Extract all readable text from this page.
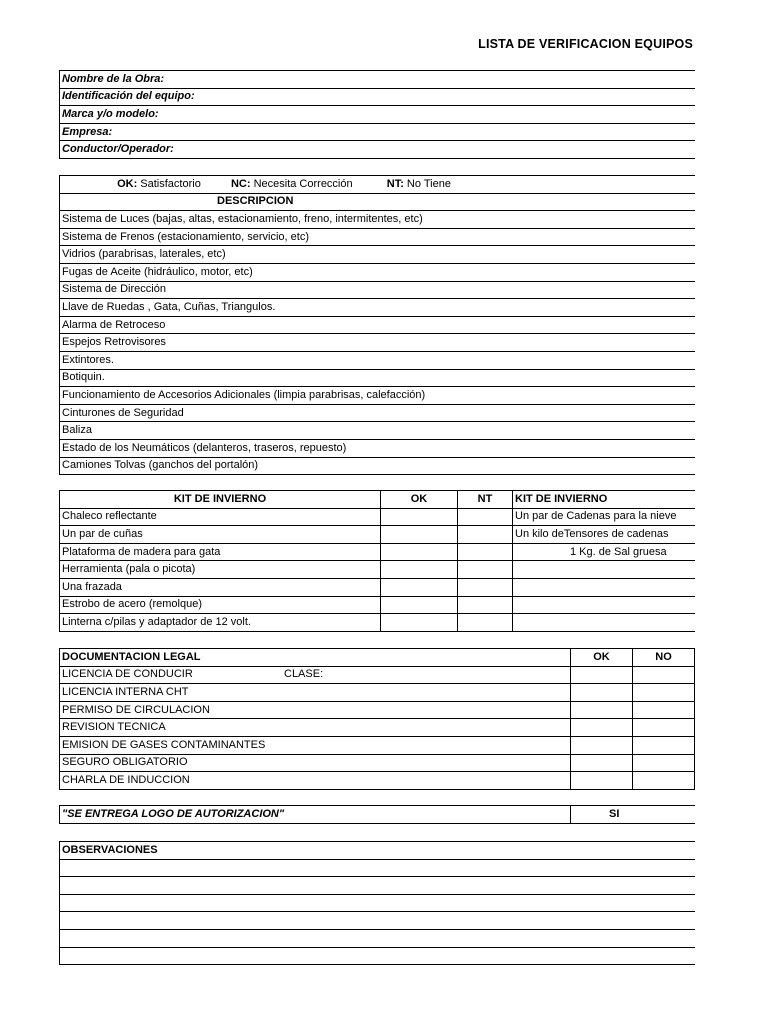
LISTA DE VERIFICACION EQUIPOS
Nombre de la Obra:
Identificación del equipo:
Marca y/o modelo:
Empresa:
Conductor/Operador:
OK: Satisfactorio	NC: Necesita Corrección	NT: No Tiene
DESCRIPCION
Sistema de Luces (bajas, altas, estacionamiento, freno, intermitentes, etc)
Sistema de Frenos (estacionamiento, servicio, etc)
Vidrios (parabrisas, laterales, etc)
Fugas de Aceite (hidráulico, motor, etc)
Sistema de Dirección
Llave de Ruedas , Gata, Cuñas, Triangulos.
Alarma de Retroceso
Espejos Retrovisores
Extintores.
Botiquin.
Funcionamiento de Accesorios Adicionales (limpia parabrisas, calefacción)
Cinturones de Seguridad
Baliza
Estado de los Neumáticos (delanteros, traseros, repuesto)
Camiones Tolvas (ganchos del portalón)
KIT DE INVIERNO	OK	NT	KIT DE INVIERNO
Chaleco reflectante			Un par de Cadenas para la nieve
Un par de cuñas			Un kilo deTensores de cadenas
Plataforma de madera para gata			1 Kg. de Sal gruesa
Herramienta (pala o picota)			
Una frazada			
Estrobo de acero (remolque)			
Linterna c/pilas y adaptador de 12 volt.			
DOCUMENTACION LEGAL	OK	NO
LICENCIA DE CONDUCIR CLASE:		
LICENCIA INTERNA CHT		
PERMISO DE CIRCULACION		
REVISION TECNICA		
EMISION DE GASES CONTAMINANTES		
SEGURO OBLIGATORIO		
CHARLA DE INDUCCION		
"SE ENTREGA LOGO DE AUTORIZACION"	SI
OBSERVACIONES
